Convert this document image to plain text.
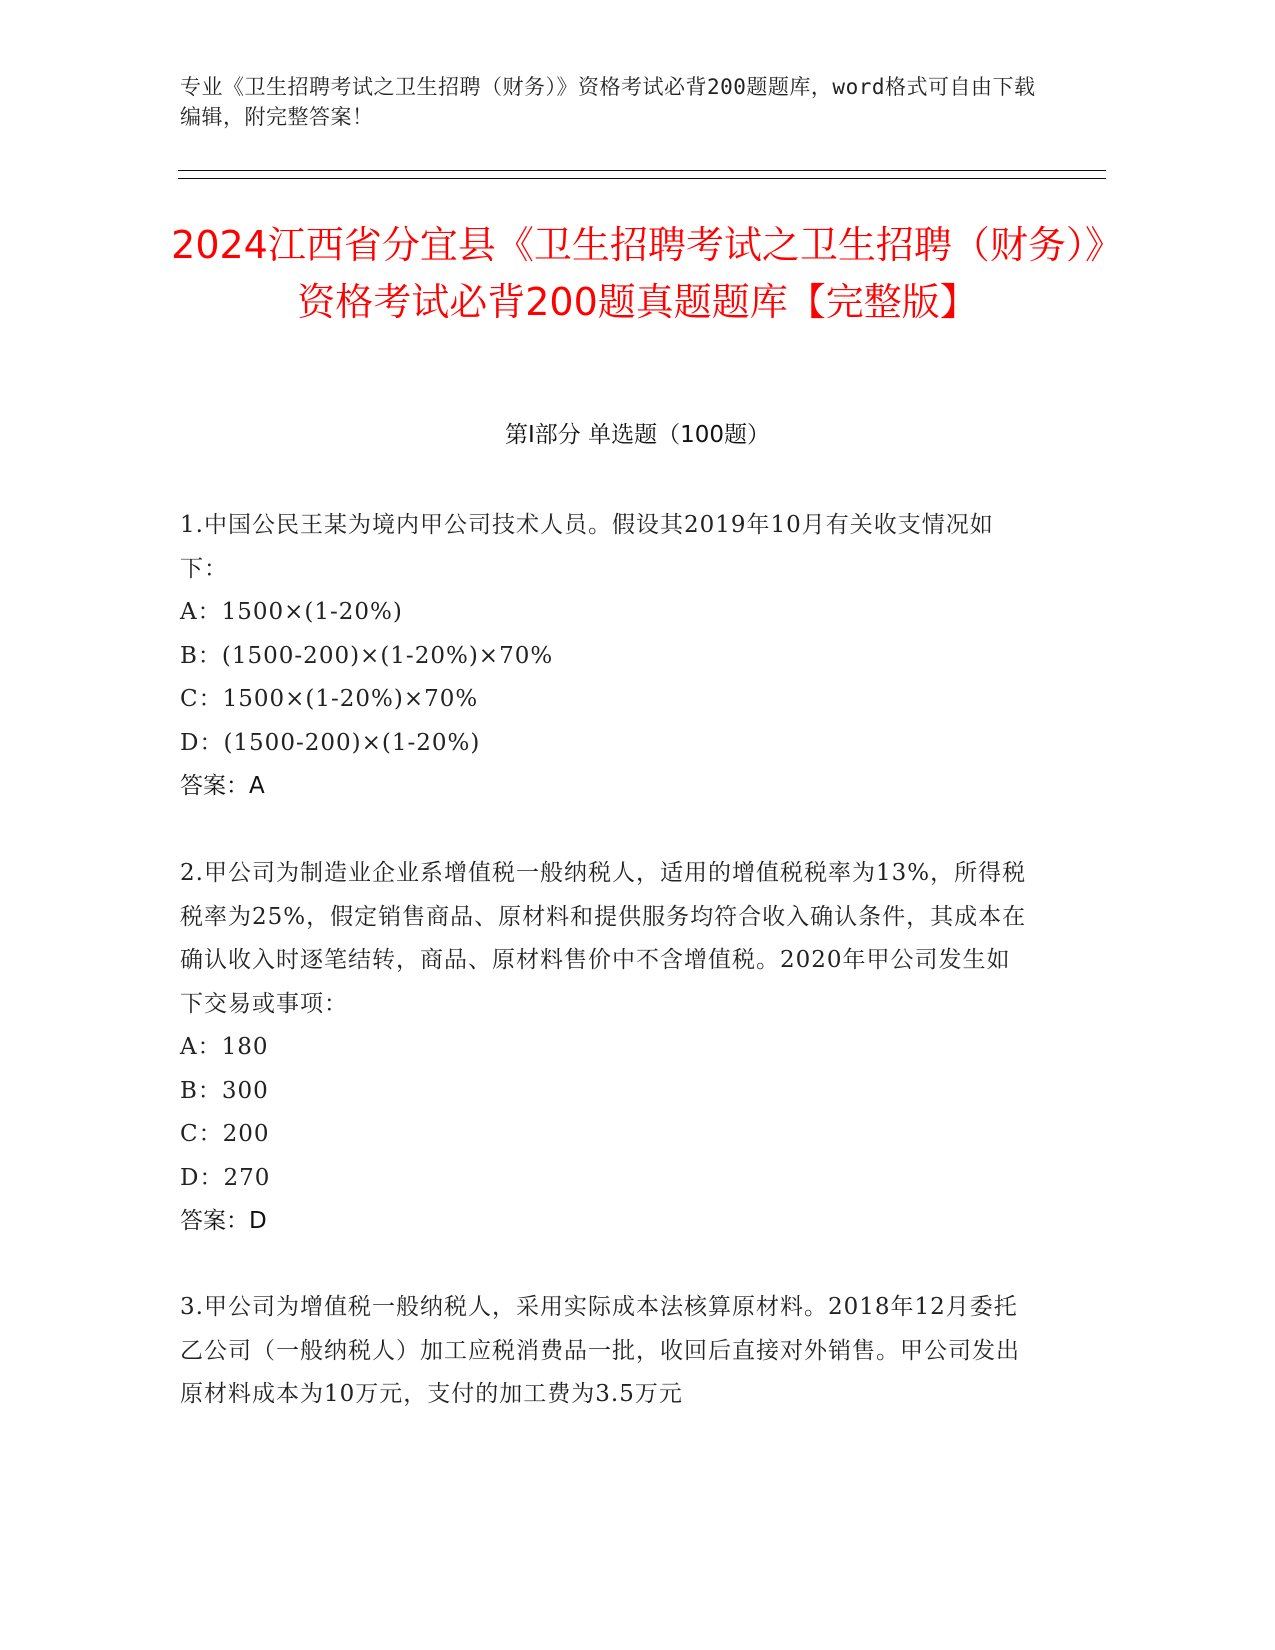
专业《卫生招聘考试之卫生招聘（财务）》资格考试必背200题题库，word格式可自由下载编辑，附完整答案！
2024江西省分宜县《卫生招聘考试之卫生招聘（财务）》资格考试必背200题真题题库【完整版】
第I部分 单选题（100题）

1.中国公民王某为境内甲公司技术人员。假设其2019年10月有关收支情况如下：

A：1500×(1-20%)

B：(1500-200)×(1-20%)×70%

C：1500×(1-20%)×70%

D：(1500-200)×(1-20%)

答案：A

2.甲公司为制造业企业系增值税一般纳税人，适用的增值税税率为13%，所得税税率为25%，假定销售商品、原材料和提供服务均符合收入确认条件，其成本在确认收入时逐笔结转，商品、原材料售价中不含增值税。2020年甲公司发生如下交易或事项：

A：180

B：300

C：200

D：270

答案：D

3.甲公司为增值税一般纳税人，采用实际成本法核算原材料。2018年12月委托乙公司（一般纳税人）加工应税消费品一批，收回后直接对外销售。甲公司发出原材料成本为10万元，支付的加工费为3.5万元
